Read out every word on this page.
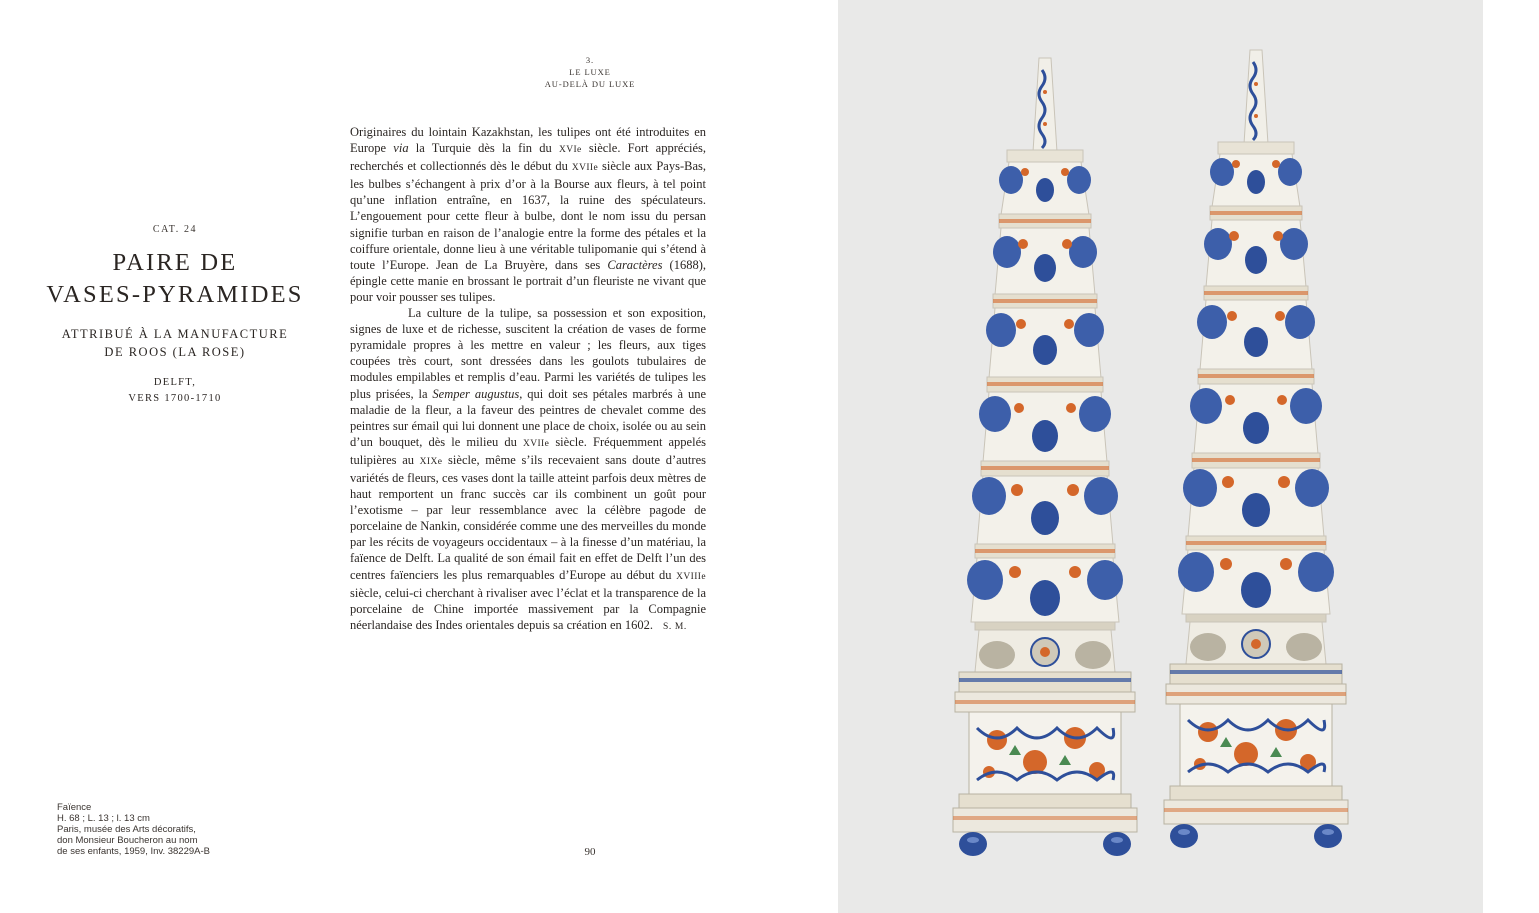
3.
LE LUXE
AU-DELÀ DU LUXE
CAT. 24
PAIRE DE
VASES-PYRAMIDES
ATTRIBUÉ À LA MANUFACTURE
DE ROOS (LA ROSE)
DELFT,
VERS 1700-1710

Originaires du lointain Kazakhstan, les tulipes ont été introduites en Europe via la Turquie dès la fin du XVIe siècle. Fort appréciés, recherchés et collectionnés dès le début du XVIIe siècle aux Pays-Bas, les bulbes s’échangent à prix d’or à la Bourse aux fleurs, à tel point qu’une inflation entraîne, en 1637, la ruine des spéculateurs. L’engouement pour cette fleur à bulbe, dont le nom issu du persan signifie turban en raison de l’analogie entre la forme des pétales et la coiffure orientale, donne lieu à une véritable tulipomanie qui s’étend à toute l’Europe. Jean de La Bruyère, dans ses Caractères (1688), épingle cette manie en brossant le portrait d’un fleuriste ne vivant que pour voir pousser ses tulipes.

La culture de la tulipe, sa possession et son exposition, signes de luxe et de richesse, suscitent la création de vases de forme pyramidale propres à les mettre en valeur ; les fleurs, aux tiges coupées très court, sont dressées dans les goulots tubulaires de modules empilables et remplis d’eau. Parmi les variétés de tulipes les plus prisées, la Semper augustus, qui doit ses pétales marbrés à une maladie de la fleur, a la faveur des peintres de chevalet comme des peintres sur émail qui lui donnent une place de choix, isolée ou au sein d’un bouquet, dès le milieu du XVIIe siècle. Fréquemment appelés tulipières au XIXe siècle, même s’ils recevaient sans doute d’autres variétés de fleurs, ces vases dont la taille atteint parfois deux mètres de haut remportent un franc succès car ils combinent un goût pour l’exotisme – par leur ressemblance avec la célèbre pagode de porcelaine de Nankin, considérée comme une des merveilles du monde par les récits de voyageurs occidentaux – à la finesse d’un matériau, la faïence de Delft. La qualité de son émail fait en effet de Delft l’un des centres faïenciers les plus remarquables d’Europe au début du XVIIIe siècle, celui-ci cherchant à rivaliser avec l’éclat et la transparence de la porcelaine de Chine importée massivement par la Compagnie néerlandaise des Indes orientales depuis sa création en 1602. S. M.

Faïence
H. 68 ; L. 13 ; l. 13 cm
Paris, musée des Arts décoratifs,
don Monsieur Boucheron au nom
de ses enfants, 1959, Inv. 38229A-B	90
